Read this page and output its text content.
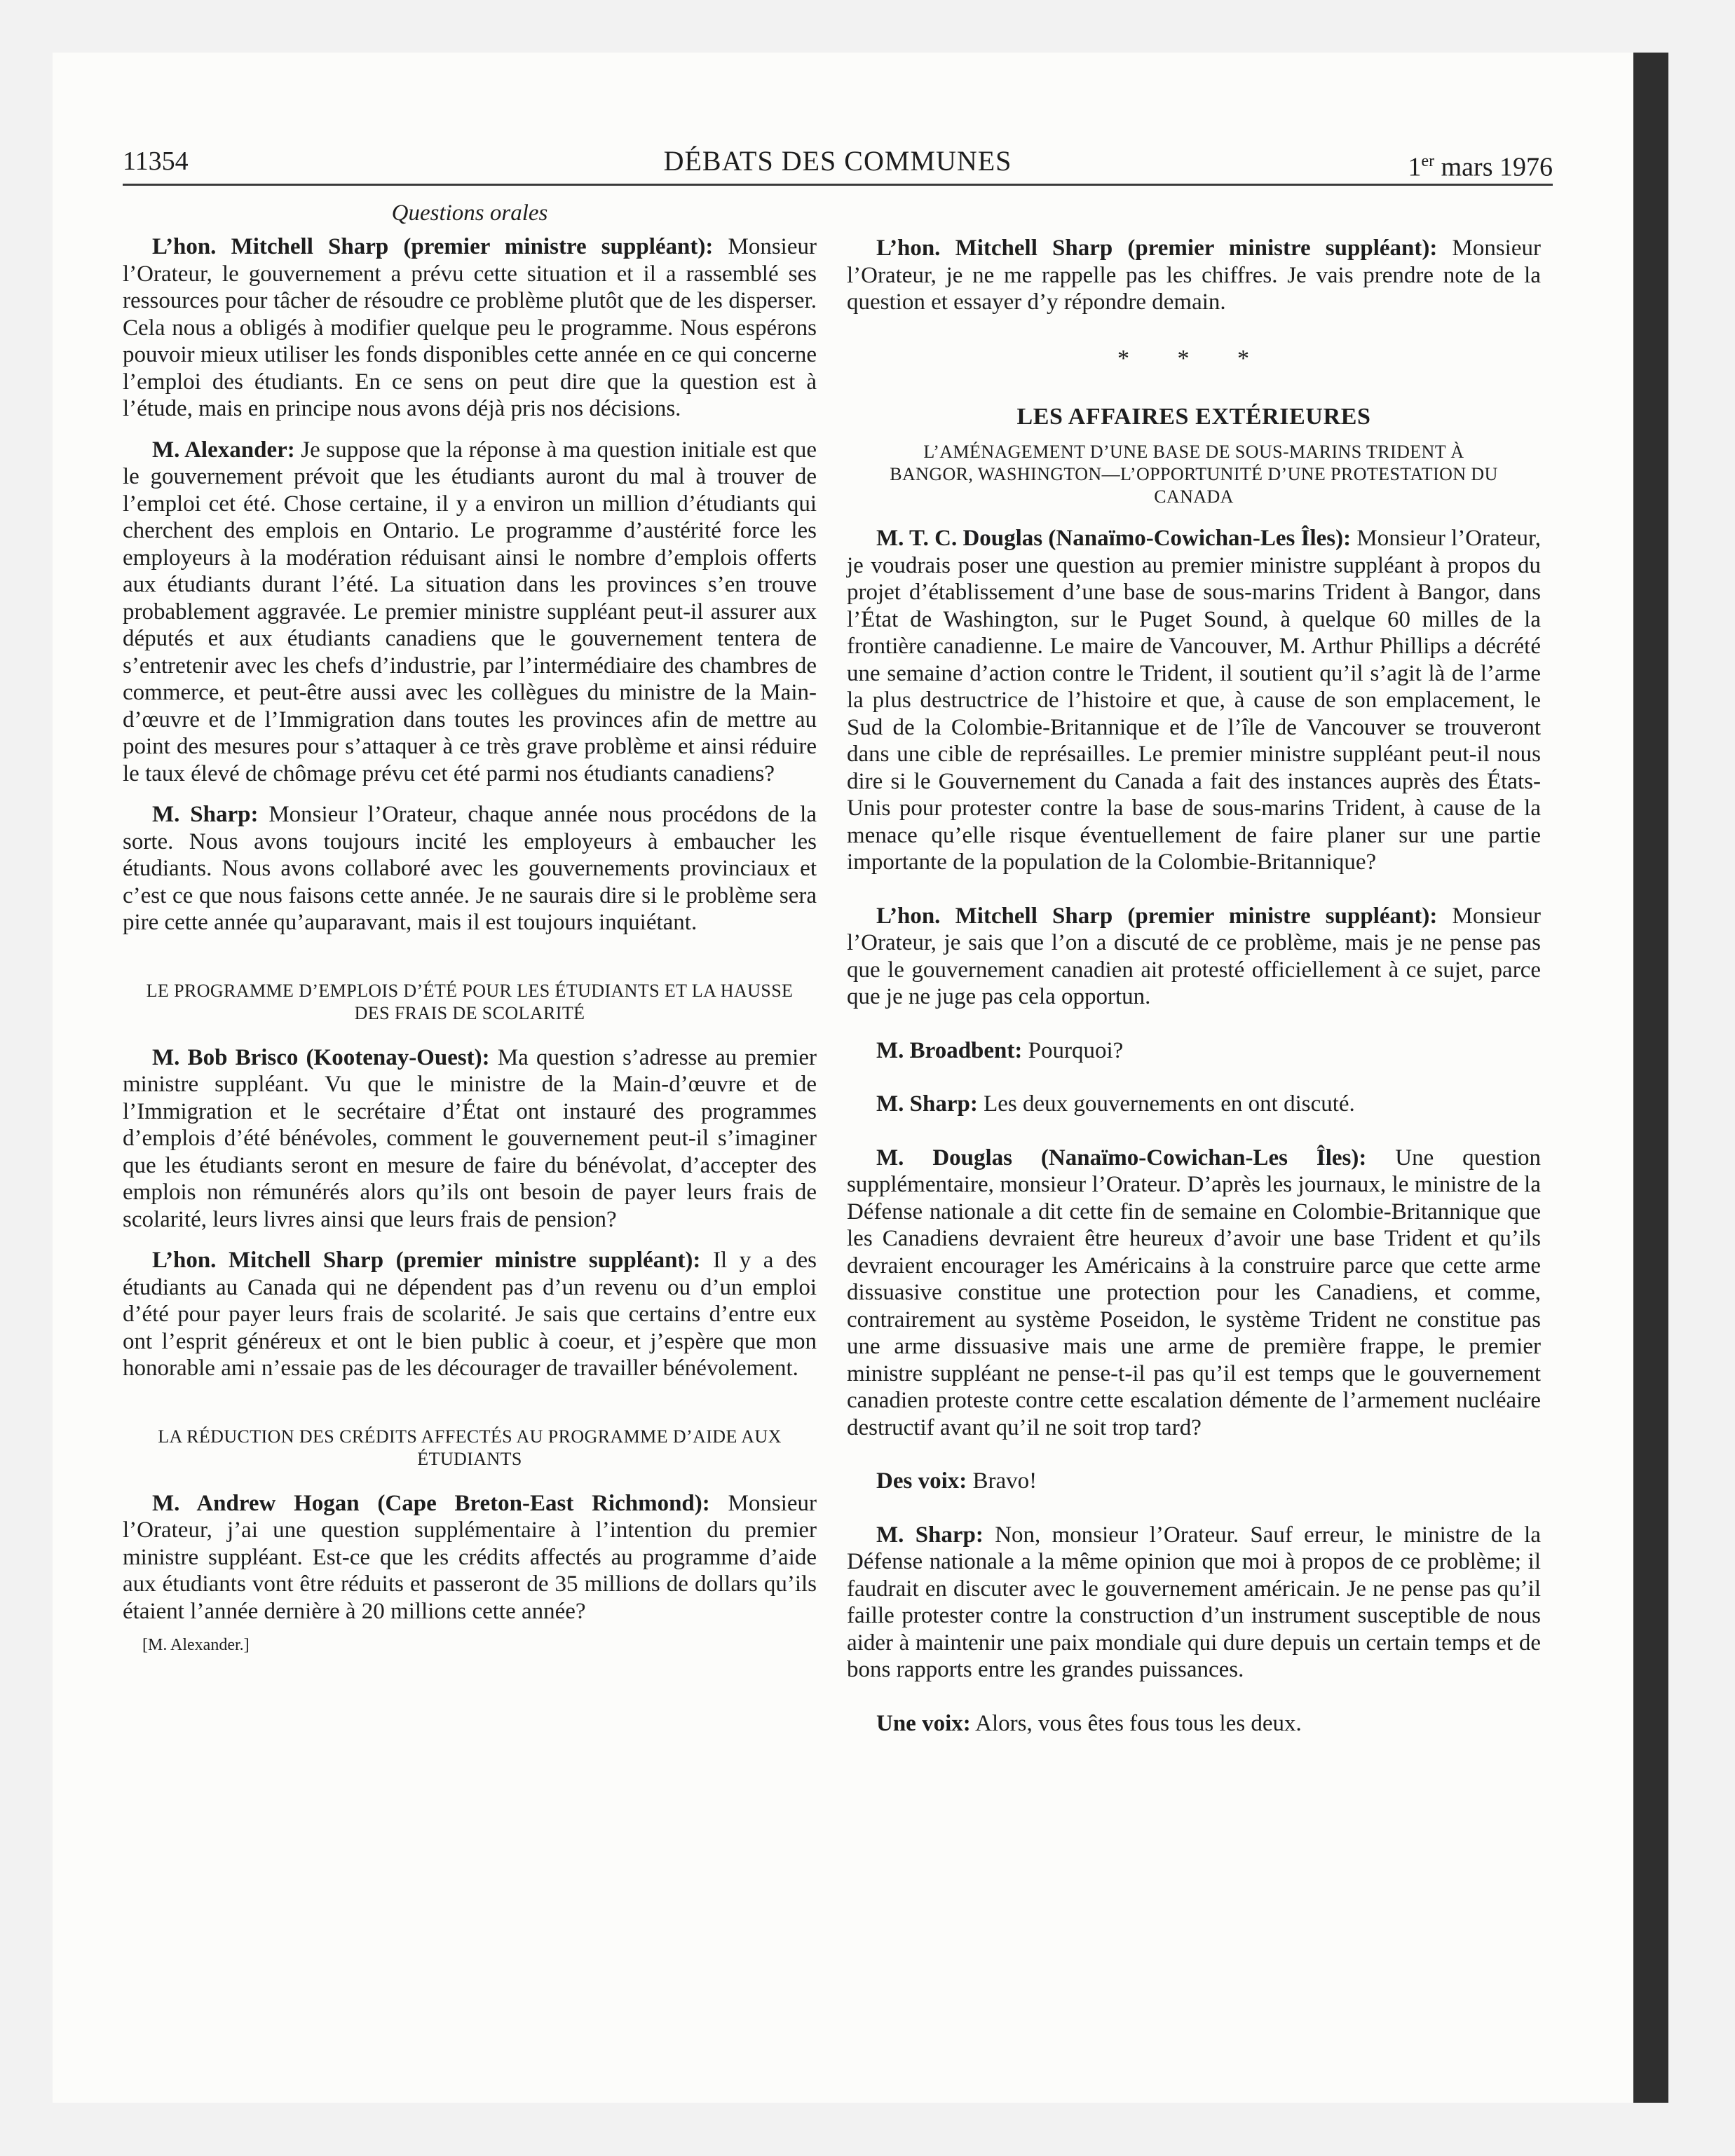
11354	DÉBATS DES COMMUNES	1er mars 1976
Questions orales

L’hon. Mitchell Sharp (premier ministre suppléant): Monsieur l’Orateur, le gouvernement a prévu cette situation et il a rassemblé ses ressources pour tâcher de résoudre ce problème plutôt que de les disperser. Cela nous a obligés à modifier quelque peu le programme. Nous espérons pouvoir mieux utiliser les fonds disponibles cette année en ce qui concerne l’emploi des étudiants. En ce sens on peut dire que la question est à l’étude, mais en principe nous avons déjà pris nos décisions.

M. Alexander: Je suppose que la réponse à ma question initiale est que le gouvernement prévoit que les étudiants auront du mal à trouver de l’emploi cet été. Chose certaine, il y a environ un million d’étudiants qui cherchent des emplois en Ontario. Le programme d’austérité force les employeurs à la modération réduisant ainsi le nombre d’emplois offerts aux étudiants durant l’été. La situation dans les provinces s’en trouve probablement aggravée. Le premier ministre suppléant peut-il assurer aux députés et aux étudiants canadiens que le gouvernement tentera de s’entretenir avec les chefs d’industrie, par l’intermédiaire des chambres de commerce, et peut-être aussi avec les collègues du ministre de la Main-d’œuvre et de l’Immigration dans toutes les provinces afin de mettre au point des mesures pour s’attaquer à ce très grave problème et ainsi réduire le taux élevé de chômage prévu cet été parmi nos étudiants canadiens?

M. Sharp: Monsieur l’Orateur, chaque année nous procédons de la sorte. Nous avons toujours incité les employeurs à embaucher les étudiants. Nous avons collaboré avec les gouvernements provinciaux et c’est ce que nous faisons cette année. Je ne saurais dire si le problème sera pire cette année qu’auparavant, mais il est toujours inquiétant.

LE PROGRAMME D’EMPLOIS D’ÉTÉ POUR LES ÉTUDIANTS ET LA HAUSSE DES FRAIS DE SCOLARITÉ

M. Bob Brisco (Kootenay-Ouest): Ma question s’adresse au premier ministre suppléant. Vu que le ministre de la Main-d’œuvre et de l’Immigration et le secrétaire d’État ont instauré des programmes d’emplois d’été bénévoles, comment le gouvernement peut-il s’imaginer que les étudiants seront en mesure de faire du bénévolat, d’accepter des emplois non rémunérés alors qu’ils ont besoin de payer leurs frais de scolarité, leurs livres ainsi que leurs frais de pension?

L’hon. Mitchell Sharp (premier ministre suppléant): Il y a des étudiants au Canada qui ne dépendent pas d’un revenu ou d’un emploi d’été pour payer leurs frais de scolarité. Je sais que certains d’entre eux ont l’esprit généreux et ont le bien public à coeur, et j’espère que mon honorable ami n’essaie pas de les décourager de travailler bénévolement.

LA RÉDUCTION DES CRÉDITS AFFECTÉS AU PROGRAMME D’AIDE AUX ÉTUDIANTS

M. Andrew Hogan (Cape Breton-East Richmond): Monsieur l’Orateur, j’ai une question supplémentaire à l’intention du premier ministre suppléant. Est-ce que les crédits affectés au programme d’aide aux étudiants vont être réduits et passeront de 35 millions de dollars qu’ils étaient l’année dernière à 20 millions cette année?

[M. Alexander.]

L’hon. Mitchell Sharp (premier ministre suppléant): Monsieur l’Orateur, je ne me rappelle pas les chiffres. Je vais prendre note de la question et essayer d’y répondre demain.

* * *
LES AFFAIRES EXTÉRIEURES
L’AMÉNAGEMENT D’UNE BASE DE SOUS-MARINS TRIDENT À BANGOR, WASHINGTON—L’OPPORTUNITÉ D’UNE PROTESTATION DU CANADA

M. T. C. Douglas (Nanaïmo-Cowichan-Les Îles): Monsieur l’Orateur, je voudrais poser une question au premier ministre suppléant à propos du projet d’établissement d’une base de sous-marins Trident à Bangor, dans l’État de Washington, sur le Puget Sound, à quelque 60 milles de la frontière canadienne. Le maire de Vancouver, M. Arthur Phillips a décrété une semaine d’action contre le Trident, il soutient qu’il s’agit là de l’arme la plus destructrice de l’histoire et que, à cause de son emplacement, le Sud de la Colombie-Britannique et de l’île de Vancouver se trouveront dans une cible de représailles. Le premier ministre suppléant peut-il nous dire si le Gouvernement du Canada a fait des instances auprès des États-Unis pour protester contre la base de sous-marins Trident, à cause de la menace qu’elle risque éventuellement de faire planer sur une partie importante de la population de la Colombie-Britannique?

L’hon. Mitchell Sharp (premier ministre suppléant): Monsieur l’Orateur, je sais que l’on a discuté de ce problème, mais je ne pense pas que le gouvernement canadien ait protesté officiellement à ce sujet, parce que je ne juge pas cela opportun.

M. Broadbent: Pourquoi?

M. Sharp: Les deux gouvernements en ont discuté.

M. Douglas (Nanaïmo-Cowichan-Les Îles): Une question supplémentaire, monsieur l’Orateur. D’après les journaux, le ministre de la Défense nationale a dit cette fin de semaine en Colombie-Britannique que les Canadiens devraient être heureux d’avoir une base Trident et qu’ils devraient encourager les Américains à la construire parce que cette arme dissuasive constitue une protection pour les Canadiens, et comme, contrairement au système Poseidon, le système Trident ne constitue pas une arme dissuasive mais une arme de première frappe, le premier ministre suppléant ne pense-t-il pas qu’il est temps que le gouvernement canadien proteste contre cette escalation démente de l’armement nucléaire destructif avant qu’il ne soit trop tard?

Des voix: Bravo!

M. Sharp: Non, monsieur l’Orateur. Sauf erreur, le ministre de la Défense nationale a la même opinion que moi à propos de ce problème; il faudrait en discuter avec le gouvernement américain. Je ne pense pas qu’il faille protester contre la construction d’un instrument susceptible de nous aider à maintenir une paix mondiale qui dure depuis un certain temps et de bons rapports entre les grandes puissances.

Une voix: Alors, vous êtes fous tous les deux.
